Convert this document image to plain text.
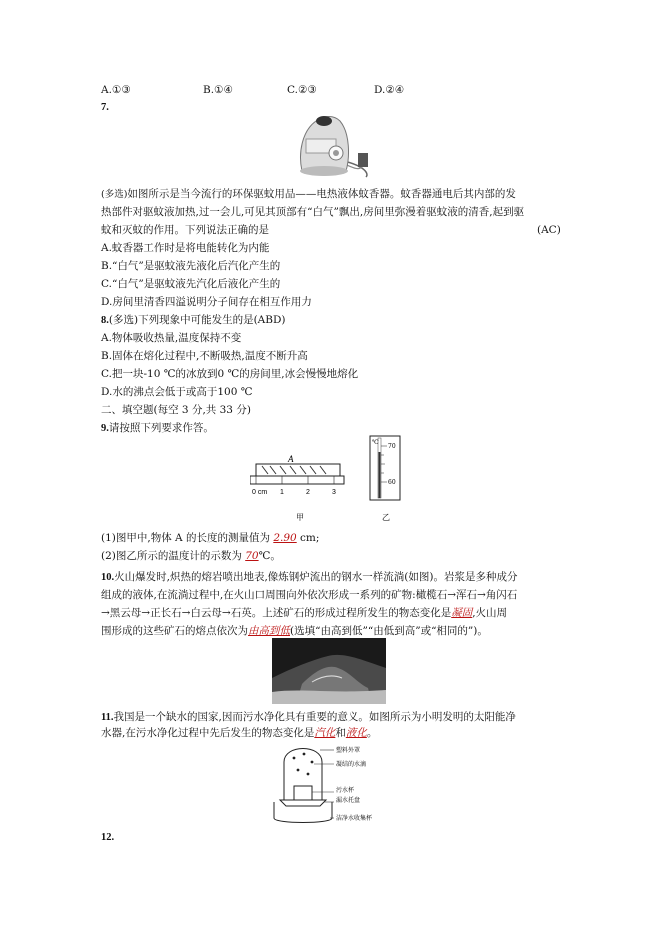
A.①③	B.①④	C.②③	D.②④
7.
(多选)如图所示是当今流行的环保驱蚊用品——电热液体蚊香器。蚊香器通电后其内部的发
热部件对驱蚊液加热,过一会儿,可见其顶部有“白气”飘出,房间里弥漫着驱蚊液的清香,起到驱
蚊和灭蚊的作用。下列说法正确的是	(AC)
A.蚊香器工作时是将电能转化为内能
B.“白气”是驱蚊液先液化后汽化产生的
C.“白气”是驱蚊液先汽化后液化产生的
D.房间里清香四溢说明分子间存在相互作用力
8.(多选)下列现象中可能发生的是(ABD)
A.物体吸收热量,温度保持不变
B.固体在熔化过程中,不断吸热,温度不断升高
C.把一块-10 ℃的冰放到0 ℃的房间里,冰会慢慢地熔化
D.水的沸点会低于或高于100 ℃
二、填空题(每空 3 分,共 33 分)
9.请按照下列要求作答。
A
0 cm 1	2	3
甲
℃
70
60
乙
(1)图甲中,物体 A 的长度的测量值为 2.90 cm;
(2)图乙所示的温度计的示数为 70℃。
10.火山爆发时,炽热的熔岩喷出地表,像炼钢炉流出的钢水一样流淌(如图)。岩浆是多种成分
组成的液体,在流淌过程中,在火山口周围向外依次形成一系列的矿物:橄榄石→浑石→角闪石
→黑云母→正长石→白云母→石英。上述矿石的形成过程所发生的物态变化是凝固,火山周
围形成的这些矿石的熔点依次为由高到低(选填“由高到低”“由低到高”或“相同的”)。
11.我国是一个缺水的国家,因而污水净化具有重要的意义。如图所示为小明发明的太阳能净
水器,在污水净化过程中先后发生的物态变化是汽化和液化。
塑料外罩
凝结的水滴
污水杯
漏水托盘
洁净水收集杯
12.
